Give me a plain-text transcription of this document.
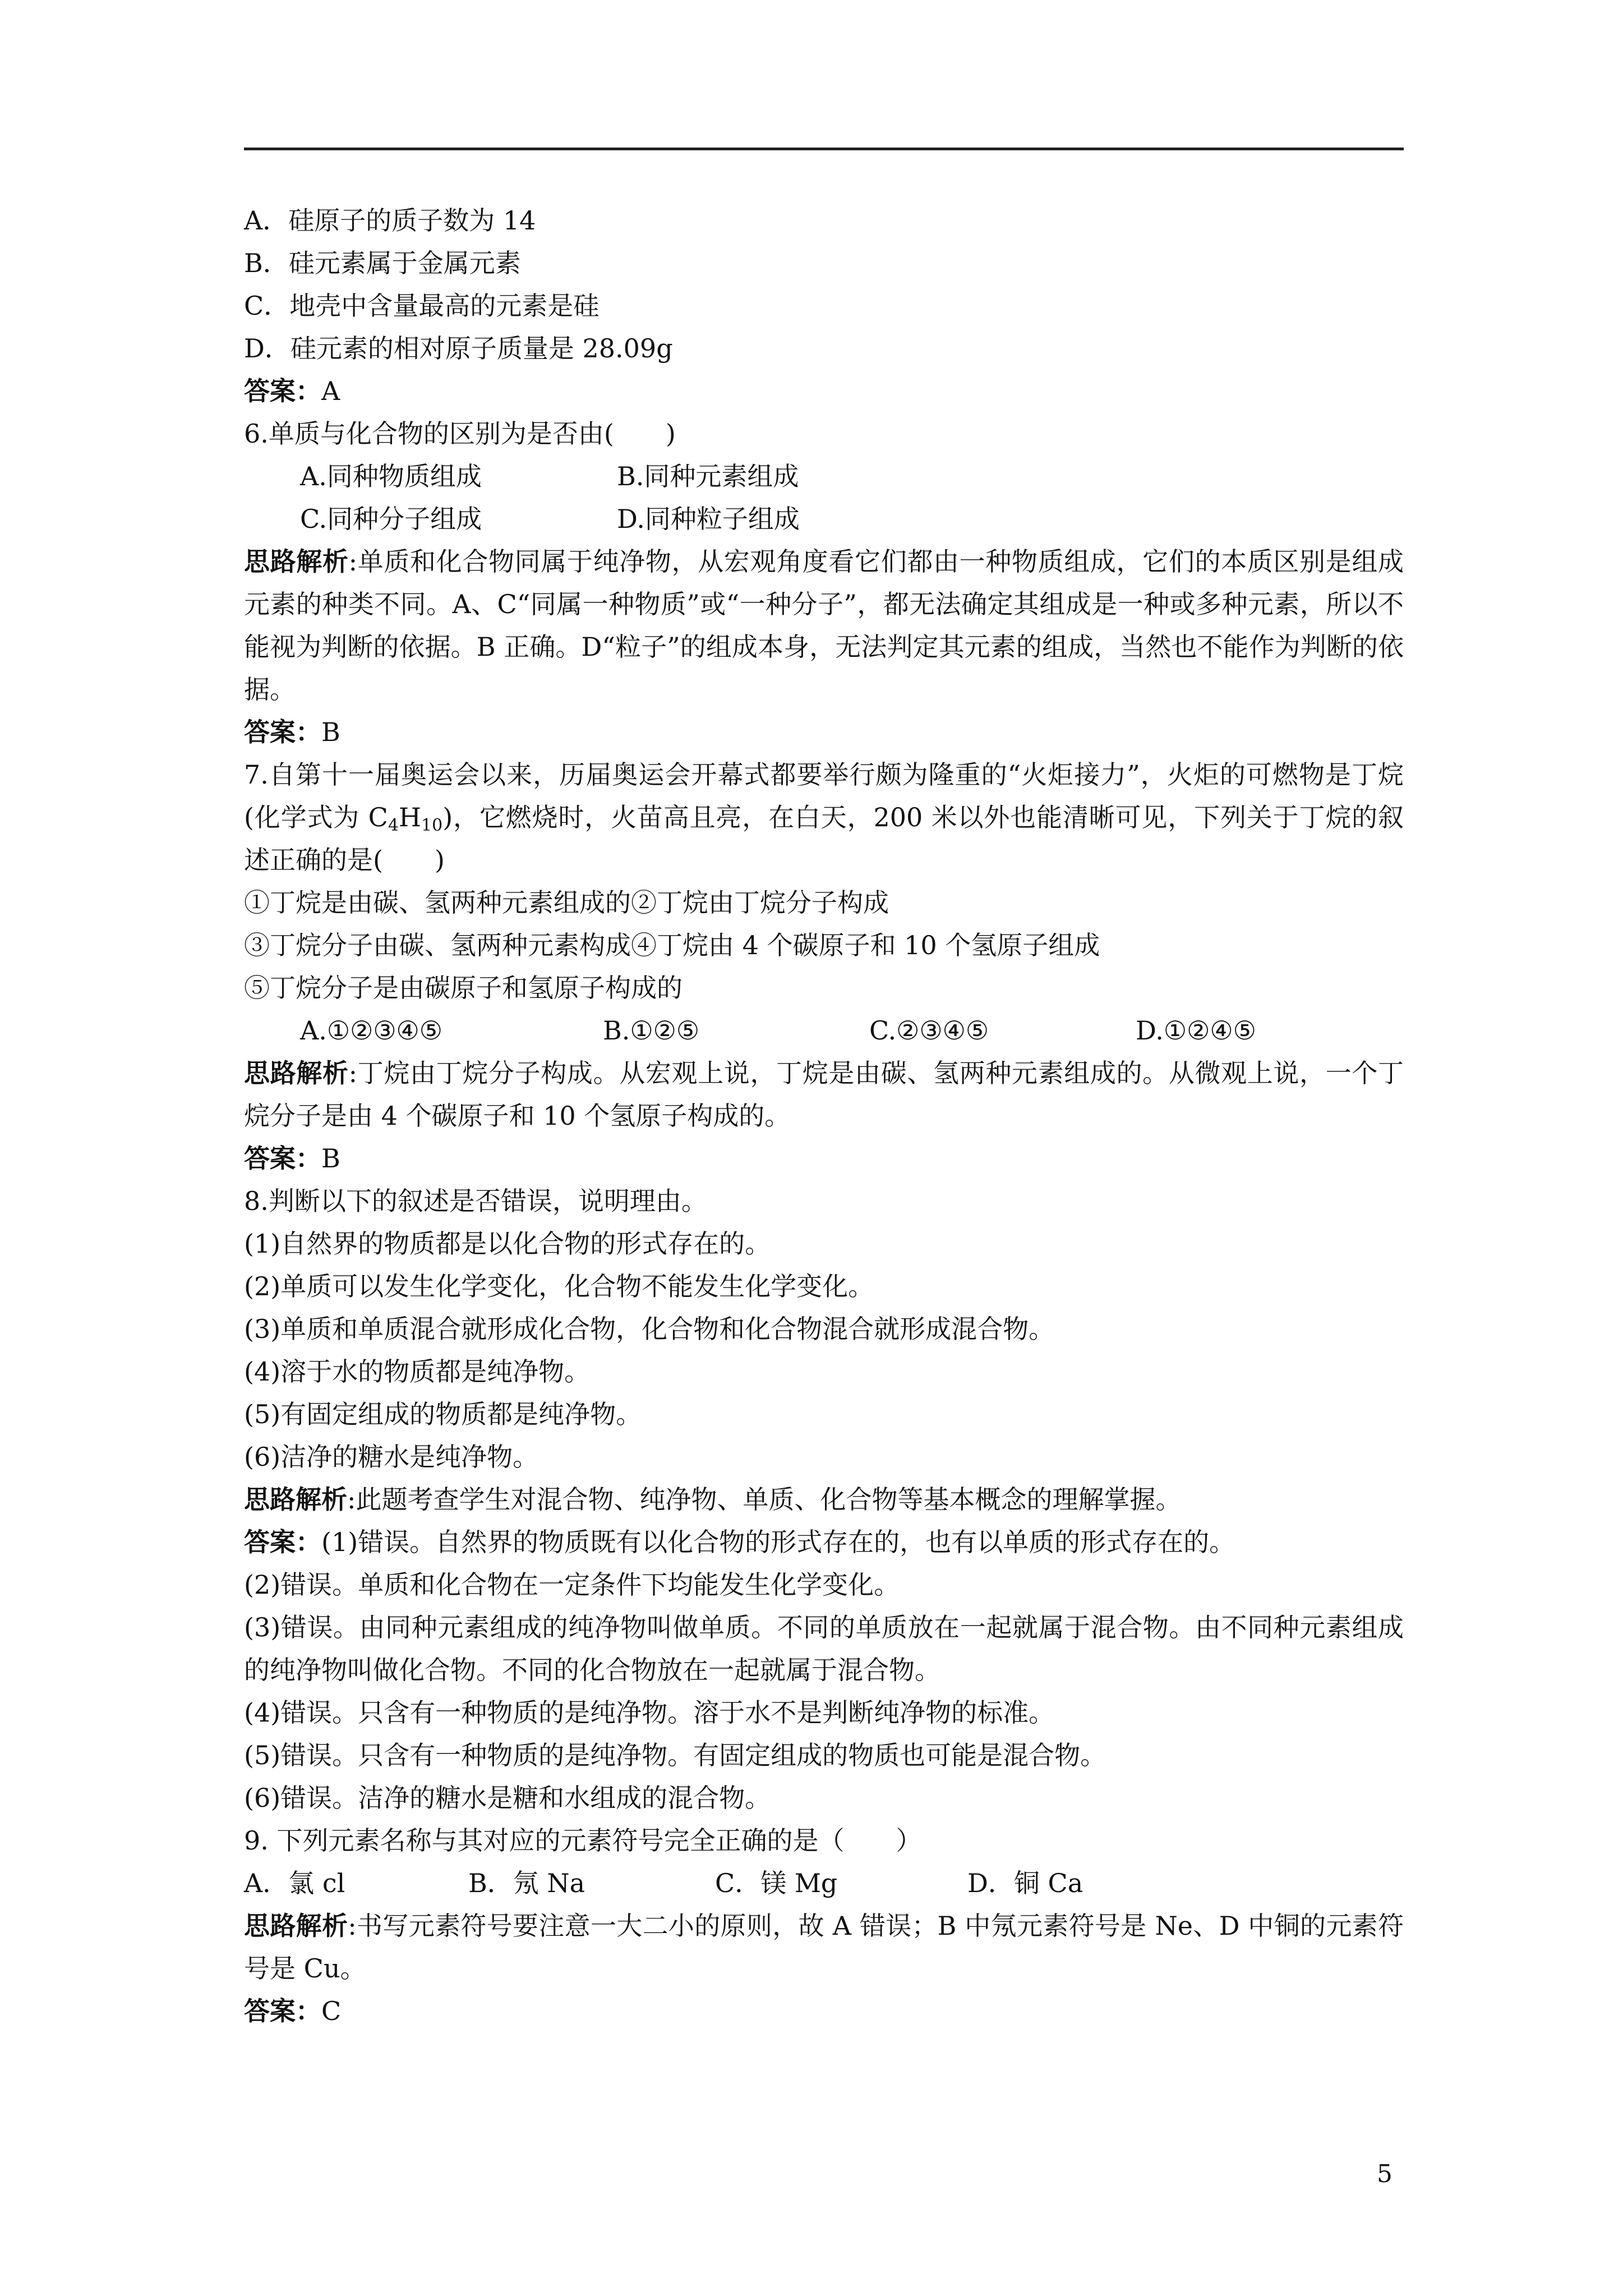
A．硅原子的质子数为 14
B．硅元素属于金属元素
C．地壳中含量最高的元素是硅
D．硅元素的相对原子质量是 28.09g
答案：A
6.单质与化合物的区别为是否由(　　)
A.同种物质组成	B.同种元素组成
C.同种分子组成	D.同种粒子组成
思路解析:单质和化合物同属于纯净物，从宏观角度看它们都由一种物质组成，它们的本质区别是组成元素的种类不同。A、C“同属一种物质”或“一种分子”，都无法确定其组成是一种或多种元素，所以不能视为判断的依据。B 正确。D“粒子”的组成本身，无法判定其元素的组成，当然也不能作为判断的依据。
答案：B
7.自第十一届奥运会以来，历届奥运会开幕式都要举行颇为隆重的“火炬接力”，火炬的可燃物是丁烷(化学式为 $C_4H_{10}$)，它燃烧时，火苗高且亮，在白天，200 米以外也能清晰可见，下列关于丁烷的叙述正确的是(　　)
①丁烷是由碳、氢两种元素组成的②丁烷由丁烷分子构成
③丁烷分子由碳、氢两种元素构成④丁烷由 4 个碳原子和 10 个氢原子组成
⑤丁烷分子是由碳原子和氢原子构成的
A.①②③④⑤	B.①②⑤	C.②③④⑤	D.①②④⑤
思路解析:丁烷由丁烷分子构成。从宏观上说，丁烷是由碳、氢两种元素组成的。从微观上说，一个丁烷分子是由 4 个碳原子和 10 个氢原子构成的。
答案：B
8.判断以下的叙述是否错误，说明理由。
(1)自然界的物质都是以化合物的形式存在的。
(2)单质可以发生化学变化，化合物不能发生化学变化。
(3)单质和单质混合就形成化合物，化合物和化合物混合就形成混合物。
(4)溶于水的物质都是纯净物。
(5)有固定组成的物质都是纯净物。
(6)洁净的糖水是纯净物。
思路解析:此题考查学生对混合物、纯净物、单质、化合物等基本概念的理解掌握。
答案：(1)错误。自然界的物质既有以化合物的形式存在的，也有以单质的形式存在的。
(2)错误。单质和化合物在一定条件下均能发生化学变化。
(3)错误。由同种元素组成的纯净物叫做单质。不同的单质放在一起就属于混合物。由不同种元素组成的纯净物叫做化合物。不同的化合物放在一起就属于混合物。
(4)错误。只含有一种物质的是纯净物。溶于水不是判断纯净物的标准。
(5)错误。只含有一种物质的是纯净物。有固定组成的物质也可能是混合物。
(6)错误。洁净的糖水是糖和水组成的混合物。
9. 下列元素名称与其对应的元素符号完全正确的是（　　）
A．氯 cl	B．氖 Na	C．镁 Mg	D．铜 Ca
思路解析:书写元素符号要注意一大二小的原则，故 A 错误；B 中氖元素符号是 Ne、D 中铜的元素符号是 Cu。
答案：C
5
